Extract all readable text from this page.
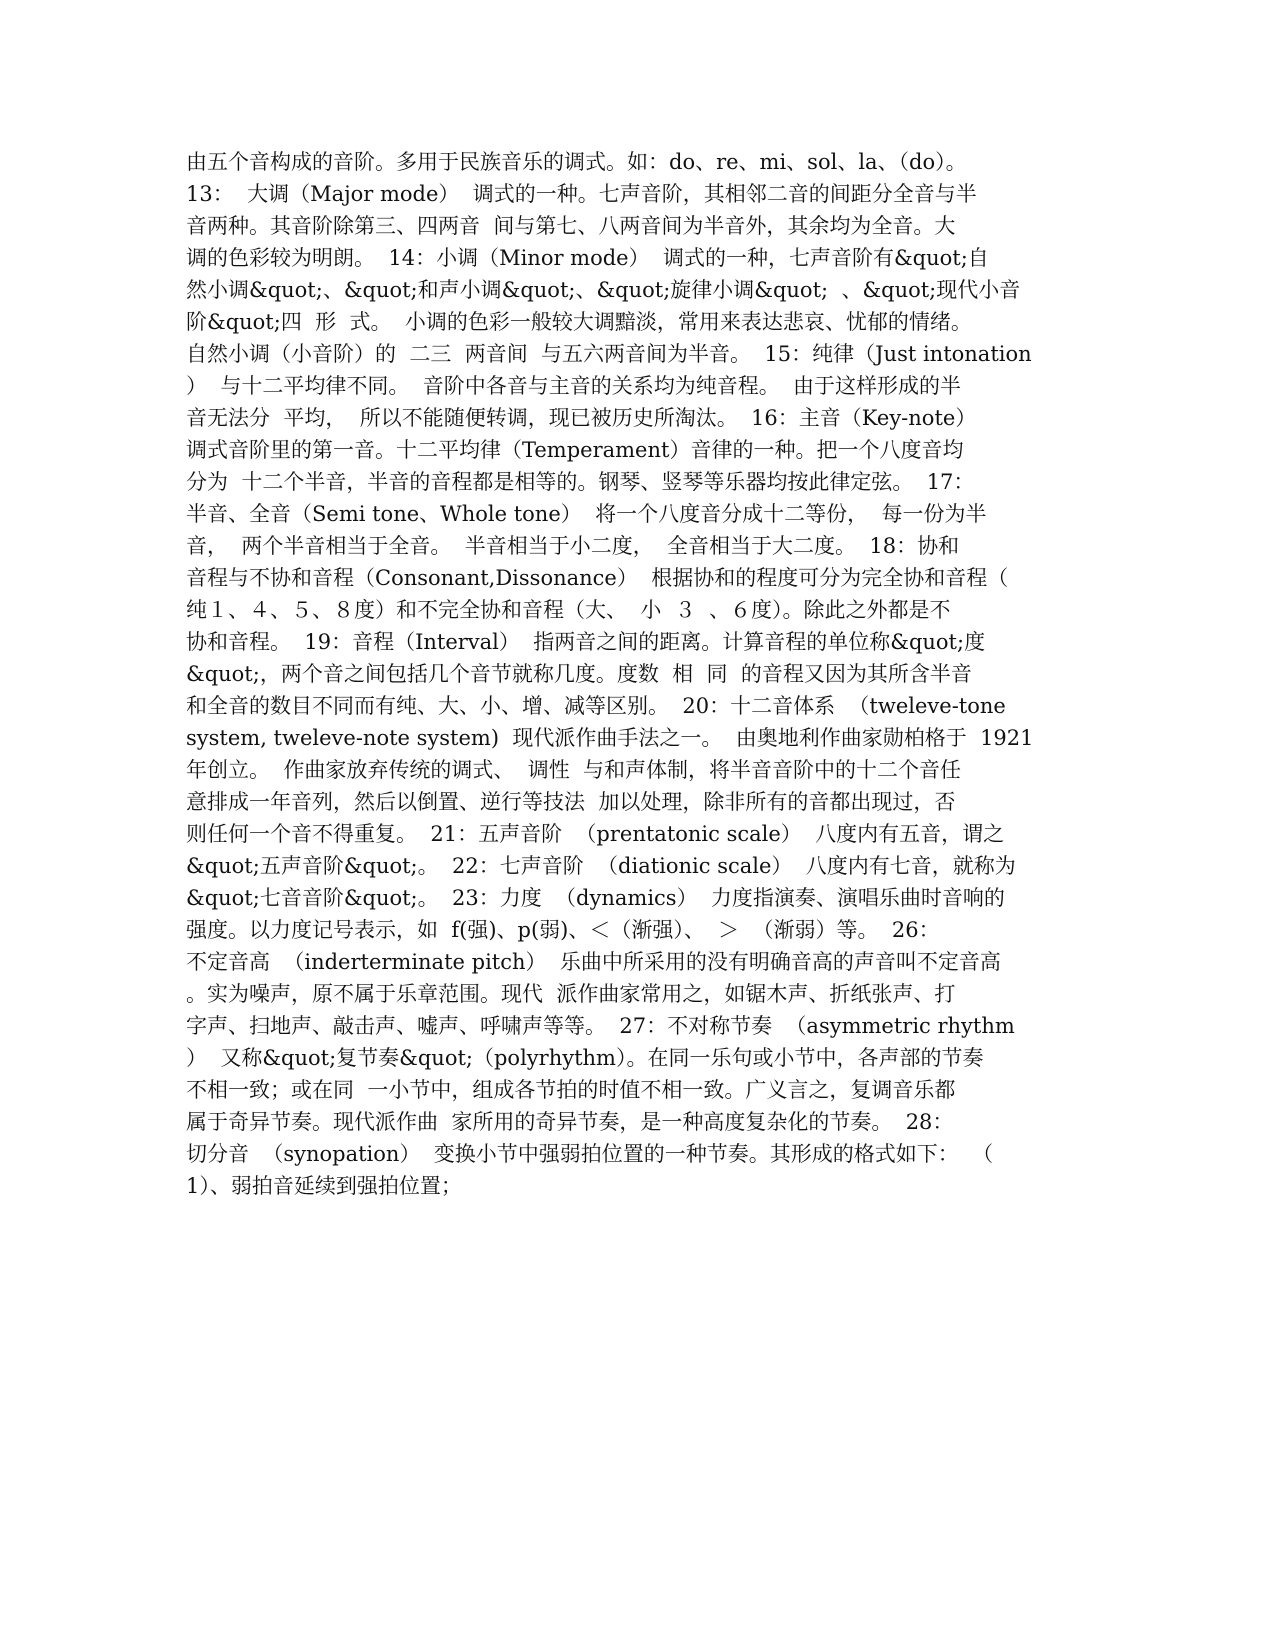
由五个音构成的音阶。多用于民族音乐的调式。如：do、re、mi、sol、la、（do）。
13：  大调（Major mode）  调式的一种。七声音阶，其相邻二音的间距分全音与半
音两种。其音阶除第三、四两音  间与第七、八两音间为半音外，其余均为全音。大
调的色彩较为明朗。  14：小调（Minor mode）  调式的一种，七声音阶有&quot;自
然小调&quot;、&quot;和声小调&quot;、&quot;旋律小调&quot;  、&quot;现代小音
阶&quot;四  形  式。  小调的色彩一般较大调黯淡，常用来表达悲哀、忧郁的情绪。
自然小调（小音阶）的  二三  两音间  与五六两音间为半音。  15：纯律（Just intonation
）  与十二平均律不同。  音阶中各音与主音的关系均为纯音程。  由于这样形成的半
音无法分  平均，  所以不能随便转调，现已被历史所淘汰。  16：主音（Key-note）
调式音阶里的第一音。十二平均律（Temperament）音律的一种。把一个八度音均
分为  十二个半音，半音的音程都是相等的。钢琴、竖琴等乐器均按此律定弦。  17：
半音、全音（Semi tone、Whole tone）  将一个八度音分成十二等份，  每一份为半
音，  两个半音相当于全音。  半音相当于小二度，  全音相当于大二度。  18：协和
音程与不协和音程（Consonant,Dissonance）  根据协和的程度可分为完全协和音程（
纯１、４、５、８度）和不完全协和音程（大、  小  ３  、６度）。除此之外都是不
协和音程。  19：音程（Interval）  指两音之间的距离。计算音程的单位称&quot;度
&quot;，两个音之间包括几个音节就称几度。度数  相  同  的音程又因为其所含半音
和全音的数目不同而有纯、大、小、增、减等区别。  20：十二音体系  （tweleve-tone
system, tweleve-note system)  现代派作曲手法之一。  由奥地利作曲家勋柏格于  1921
年创立。  作曲家放弃传统的调式、  调性  与和声体制，将半音音阶中的十二个音任
意排成一年音列，然后以倒置、逆行等技法  加以处理，除非所有的音都出现过，否
则任何一个音不得重复。  21：五声音阶  （prentatonic scale）  八度内有五音，谓之
&quot;五声音阶&quot;。  22：七声音阶  （diationic scale）  八度内有七音，就称为
&quot;七音音阶&quot;。  23：力度  （dynamics）  力度指演奏、演唱乐曲时音响的
强度。以力度记号表示，如  f(强)、p(弱)、＜（渐强）、  ＞  （渐弱）等。  26：
不定音高  （inderterminate pitch）  乐曲中所采用的没有明确音高的声音叫不定音高
。实为噪声，原不属于乐章范围。现代  派作曲家常用之，如锯木声、折纸张声、打
字声、扫地声、敲击声、嘘声、呼啸声等等。  27：不对称节奏  （asymmetric rhythm
）  又称&quot;复节奏&quot;（polyrhythm）。在同一乐句或小节中，各声部的节奏
不相一致；或在同  一小节中，组成各节拍的时值不相一致。广义言之，复调音乐都
属于奇异节奏。现代派作曲  家所用的奇异节奏，是一种高度复杂化的节奏。  28：
切分音  （synopation）  变换小节中强弱拍位置的一种节奏。其形成的格式如下：  （
1）、弱拍音延续到强拍位置；
